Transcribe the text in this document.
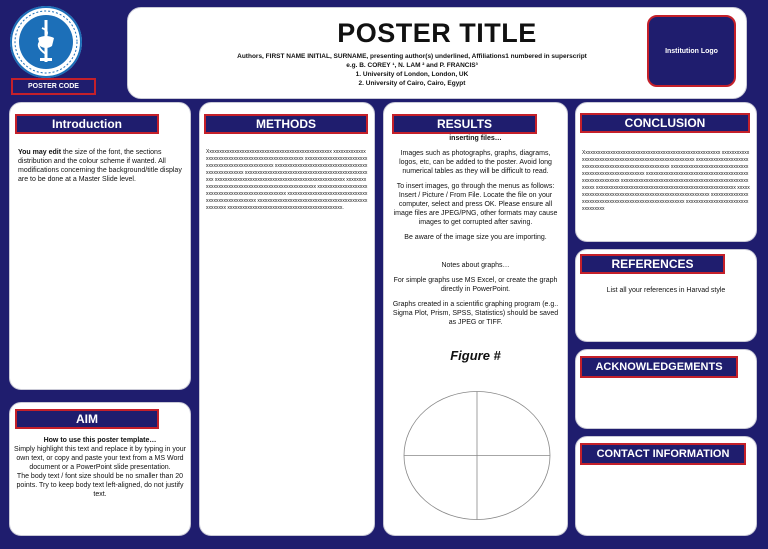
POSTER CODE
POSTER TITLE
Authors, FIRST NAME INITIAL, SURNAME, presenting author(s) underlined, Affiliations1 numbered in superscript
e.g. B. COREY ¹, N. LAM ² and P. FRANCIS³
1. University of London, London, UK
2. University of Cairo, Cairo, Egypt
Institution Logo
You may edit the size of the font, the sections distribution and the colour scheme if wanted. All modifications concerning the background/title display are to be done at a Master Slide level.
Introduction
How to use this poster template…
Simply highlight this text and replace it by typing in your own text, or copy and paste your text from a MS Word document or a PowerPoint slide presentation.
The body text / font size should be no smaller than 20 points. Try to keep body text left-aligned, do not justify text.
AIM
Xxxxxxxxxxxxxxxxxxxxxxxxxxxxxxxxxxxxxxxxxxxxxxxxxx xxxxxxxxxxxxxxxxxxxxxxxxxxxxxxxxxxxxxxxxxxxxxxxxxxxx xxxxxxxxxxxxxxxxxxxxxxxxxxxxxxxxxxxxxxxxxxxxxxxxxxxx xxxxxxxxxxxxxxxxxxxxxxxxxxxxxxxxxxxxxxxxxxxxxxxxxxxx xxxxxxxxxxxxxxxxxxxxxxxxxxxxxxxxxxxxxxxxxxxxxxxxxxxx xxxxxxxxxxxxxxxxxxxxxxxxxxxxxxxxxxxxxxxxxxxxxxxxxxxx xxxxxxxxxxxxxxxxxxxxxxxxxxxxxxxxxxxxxxxxxxxxxxxxxxxx xxxxxxxxxxxxxxxxxxxxxxxxxxxxxxxxxxxxxxxxxxxxxxxxxxxx xxxxxxxxxxxxxxxxxxxxxxxxxxxxxxxxxxxxxxxxxxxxxxxxxxxx xxxxxxxxxxxxxxxxxxxxxxxxxxxxxxxxxxxxxxxxxxxxxxxxxxxx xxxxxxxxxxxxxxxxxxxxxxxxxxxxxxxxxxxxxxxxxxxxxx.
METHODS
inserting files…
Images such as photographs, graphs, diagrams, logos, etc, can be added to the poster. Avoid long numerical tables as they will be difficult to read.
To insert images, go through the menus as follows: Insert / Picture / From File. Locate the file on your computer, select and press OK. Please ensure all image files are JPEG/PNG, other formats may cause images to get corrupted after saving.
Be aware of the image size you are importing.
Notes about graphs…
For simple graphs use MS Excel, or create the graph directly in PowerPoint.
Graphs created in a scientific graphing program (e.g.. Sigma Plot, Prism, SPSS, Statistics) should be saved as JPEG or TIFF.
Figure #
RESULTS
Xxxxxxxxxxxxxxxxxxxxxxxxxxxxxxxxxxxxxxxxxxxxxxxxxxxxxxx xxxxxxxxxxxxxxxxxxxxxxxxxxxxxxxxxxxxxxxxxxxxxxxxxxxxxxxx xxxxxxxxxxxxxxxxxxxxxxxxxxxxxxxxxxxxxxxxxxxxxxxxxxxxxxxx xxxxxxxxxxxxxxxxxxxxxxxxxxxxxxxxxxxxxxxxxxxxxxxxxxxxxxxx xxxxxxxxxxxxxxxxxxxxxxxxxxxxxxxxxxxxxxxxxxxxxxxxxxxxxxxx xxxxxxxxxxxxxxxxxxxxxxxxxxxxxxxxxxxxxxxxxxxxxxxxxxxxxxxx xxxxxxxxxxxxxxxxxxxxxxxxxxxxxxxxxxxxxxxxxxxxxxxxxxxxxxxx xxxxxxxxxxxxxxxxxxxxxxxxxxxxxxxxxxxxxxxxxxxxxxxxxxxxxxxx xxxxxxxxxxxxxxxxxxxxxxxxxxxxxxxxxxxxxxxxxxxxxxxxxxxxxxxx xxxxxxxxxxxxxxxxxxxxxxxxxxxxxxxxxx
CONCLUSION
List all your references in Harvad style
REFERENCES
ACKNOWLEDGEMENTS
CONTACT INFORMATION
